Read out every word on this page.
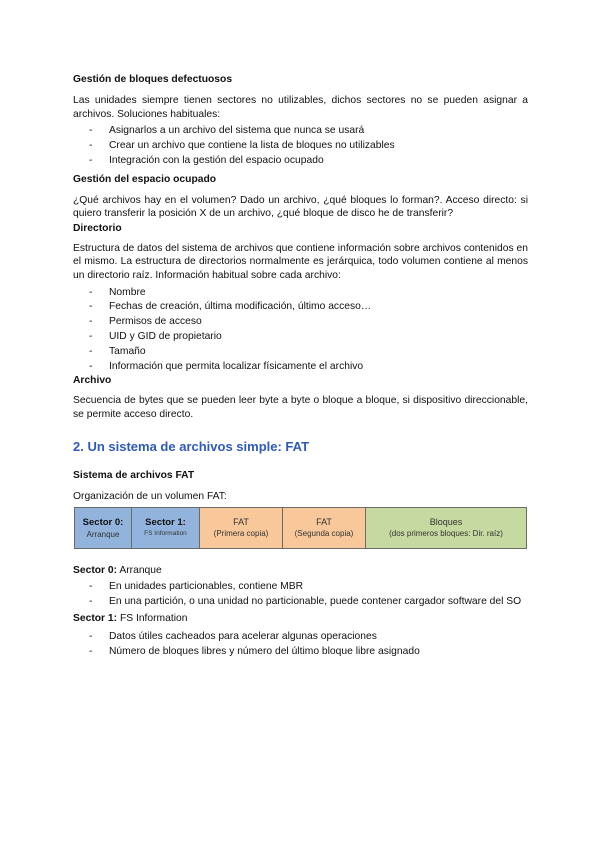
Gestión de bloques defectuosos

Las unidades siempre tienen sectores no utilizables, dichos sectores no se pueden asignar a archivos. Soluciones habituales:

- Asignarlos a un archivo del sistema que nunca se usará
- Crear un archivo que contiene la lista de bloques no utilizables
- Integración con la gestión del espacio ocupado

Gestión del espacio ocupado

¿Qué archivos hay en el volumen? Dado un archivo, ¿qué bloques lo forman?. Acceso directo: si quiero transferir la posición X de un archivo, ¿qué bloque de disco he de transferir?

Directorio

Estructura de datos del sistema de archivos que contiene información sobre archivos contenidos en el mismo. La estructura de directorios normalmente es jerárquica, todo volumen contiene al menos un directorio raíz. Información habitual sobre cada archivo:

- Nombre
- Fechas de creación, última modificación, último acceso…
- Permisos de acceso
- UID y GID de propietario
- Tamaño
- Información que permita localizar físicamente el archivo

Archivo

Secuencia de bytes que se pueden leer byte a byte o bloque a bloque, si dispositivo direccionable, se permite acceso directo.

2. Un sistema de archivos simple: FAT

Sistema de archivos FAT

Organización de un volumen FAT:

Sector 0:
Arranque
Sector 1:
FS Information
FAT
(Primera copia)
FAT
(Segunda copia)
Bloques
(dos primeros bloques: Dir. raíz)

Sector 0: Arranque

- En unidades particionables, contiene MBR
- En una partición, o una unidad no particionable, puede contener cargador software del SO

Sector 1: FS Information

- Datos útiles cacheados para acelerar algunas operaciones
- Número de bloques libres y número del último bloque libre asignado
